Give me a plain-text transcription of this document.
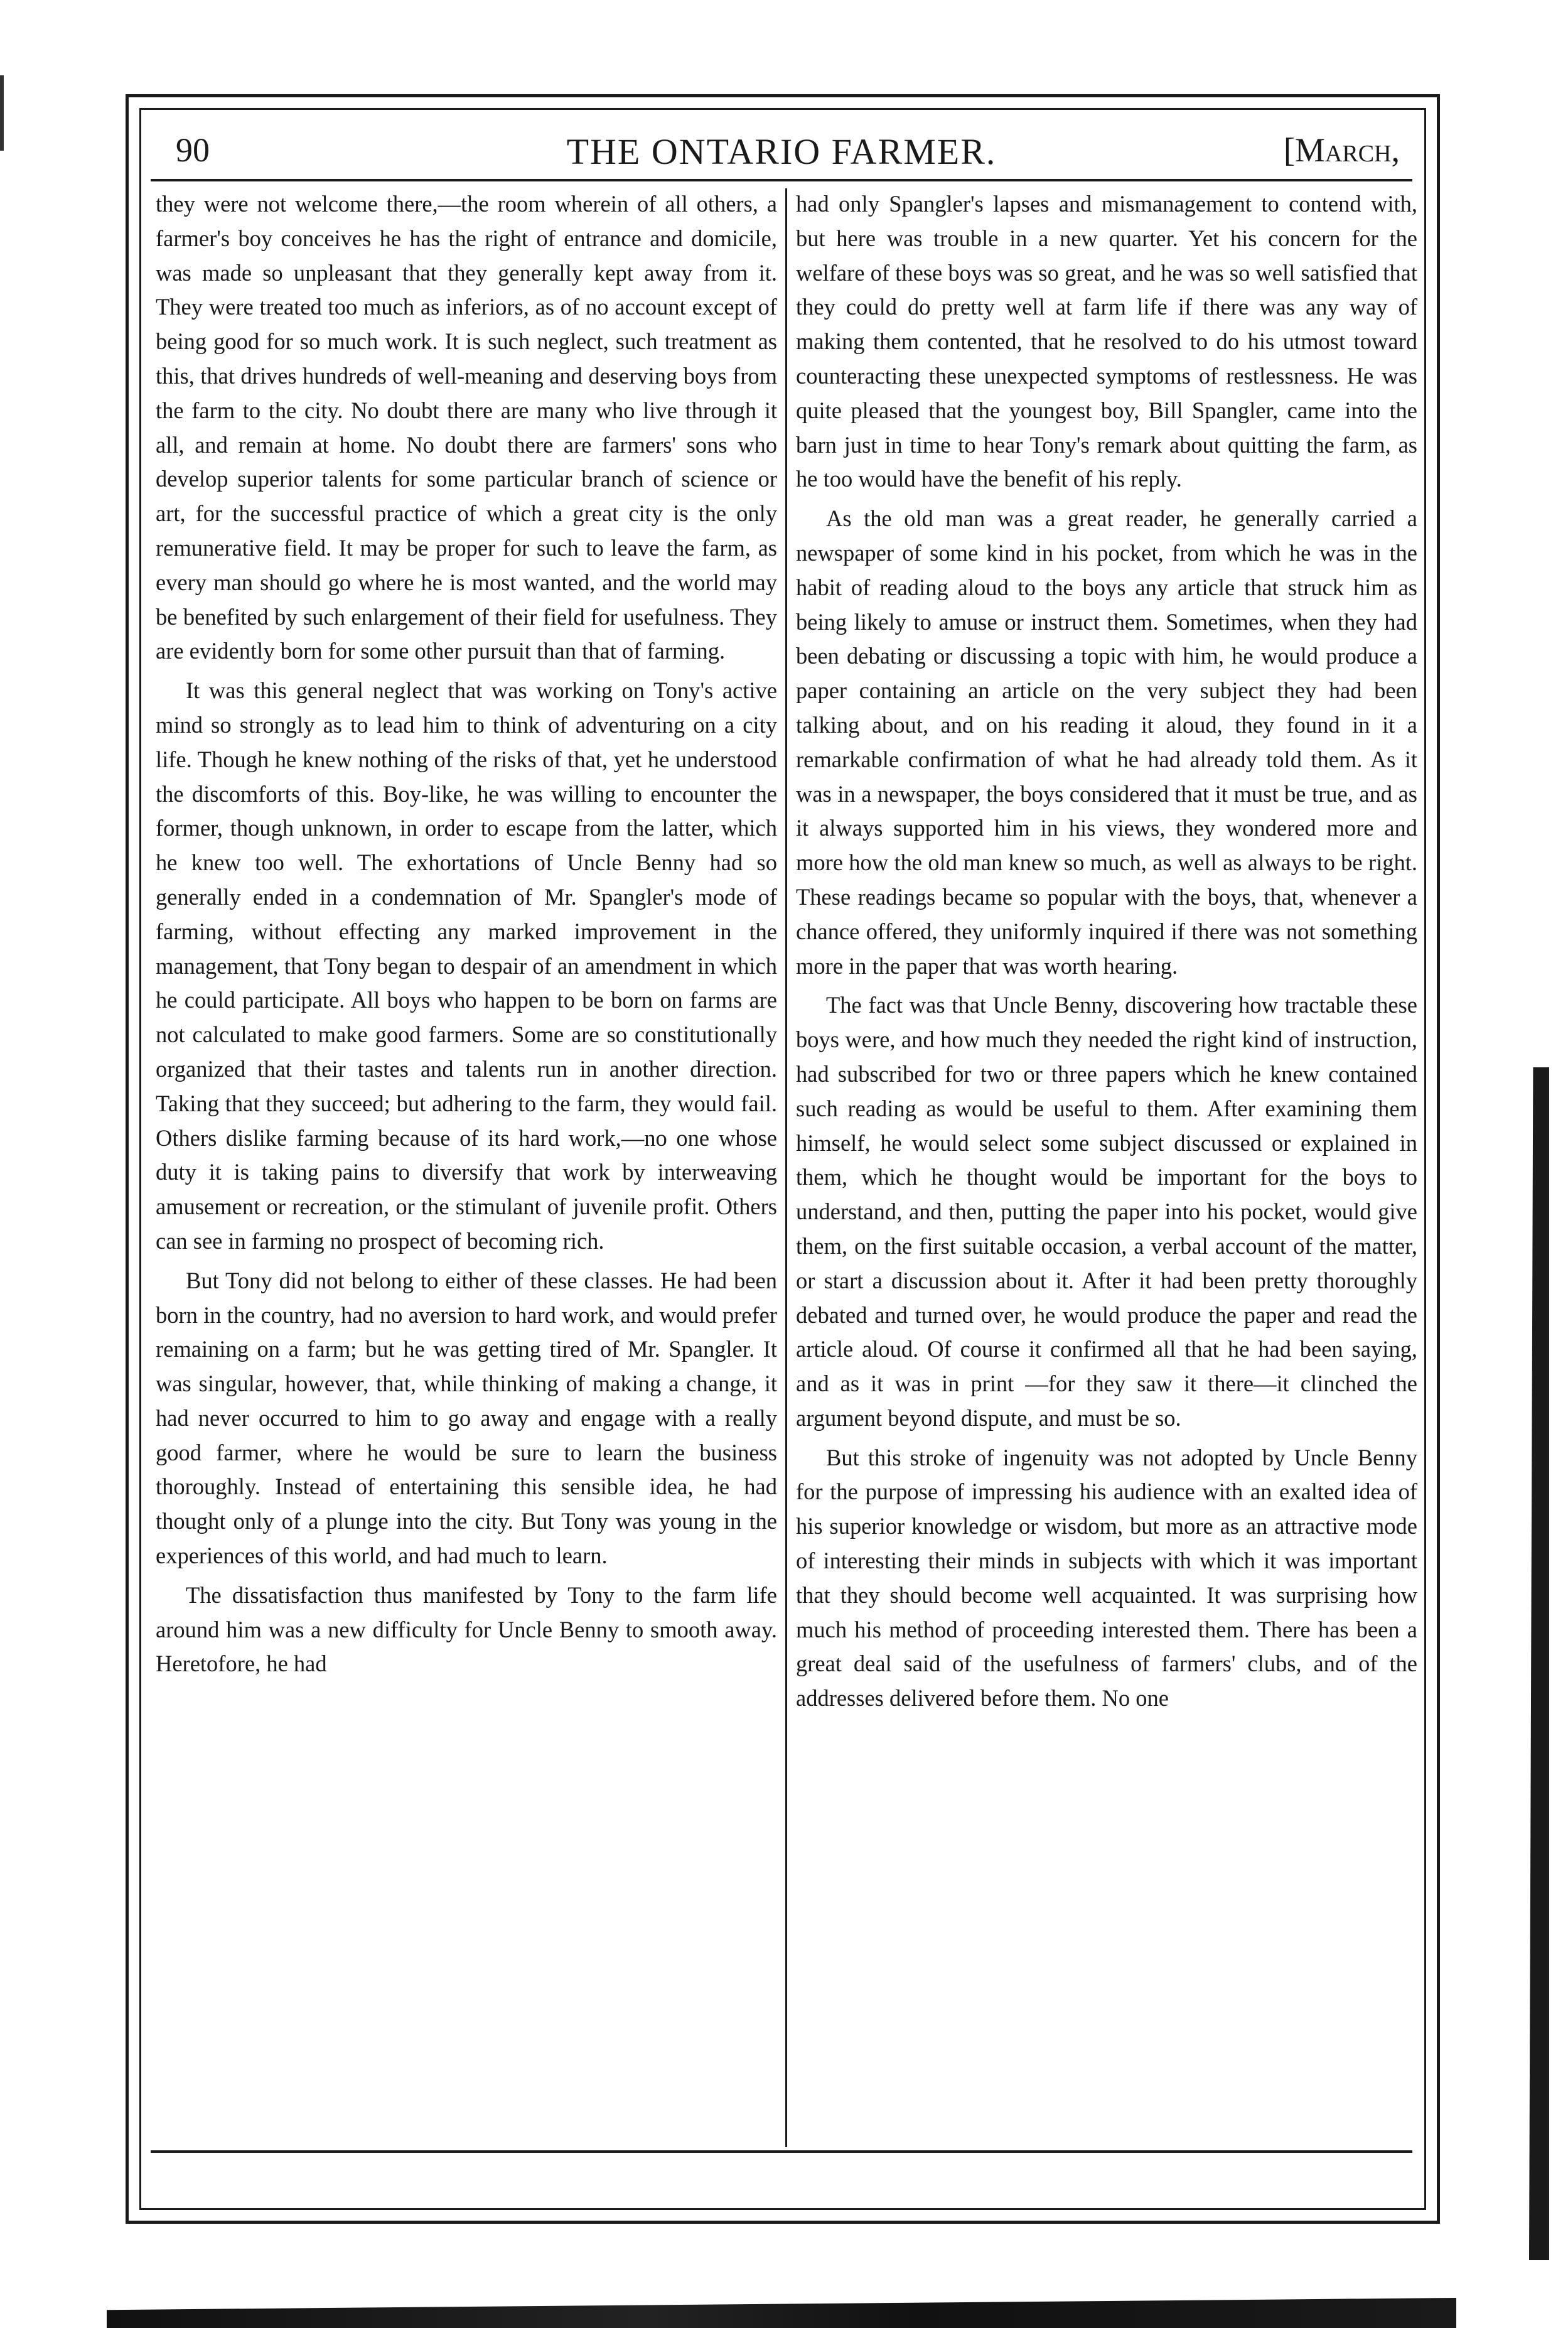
90	THE ONTARIO FARMER.	[March,

they were not welcome there,—the room wherein of all others, a farmer's boy conceives he has the right of entrance and domicile, was made so unpleasant that they generally kept away from it. They were treated too much as inferiors, as of no account except of being good for so much work. It is such neglect, such treatment as this, that drives hundreds of well-meaning and deserving boys from the farm to the city. No doubt there are many who live through it all, and remain at home. No doubt there are farmers' sons who develop superior talents for some particular branch of science or art, for the successful practice of which a great city is the only remunerative field. It may be proper for such to leave the farm, as every man should go where he is most wanted, and the world may be benefited by such enlargement of their field for usefulness. They are evidently born for some other pursuit than that of farming.

It was this general neglect that was working on Tony's active mind so strongly as to lead him to think of adventuring on a city life. Though he knew nothing of the risks of that, yet he understood the discomforts of this. Boy-like, he was willing to encounter the former, though unknown, in order to escape from the latter, which he knew too well. The exhortations of Uncle Benny had so generally ended in a condemnation of Mr. Spangler's mode of farming, without effecting any marked improvement in the management, that Tony began to despair of an amendment in which he could participate. All boys who happen to be born on farms are not calculated to make good farmers. Some are so constitutionally organized that their tastes and talents run in another direction. Taking that they succeed; but adhering to the farm, they would fail. Others dislike farming because of its hard work,—no one whose duty it is taking pains to diversify that work by interweaving amusement or recreation, or the stimulant of juvenile profit. Others can see in farming no prospect of becoming rich.

But Tony did not belong to either of these classes. He had been born in the country, had no aversion to hard work, and would prefer remaining on a farm; but he was getting tired of Mr. Spangler. It was singular, however, that, while thinking of making a change, it had never occurred to him to go away and engage with a really good farmer, where he would be sure to learn the business thoroughly. Instead of entertaining this sensible idea, he had thought only of a plunge into the city. But Tony was young in the experiences of this world, and had much to learn.

The dissatisfaction thus manifested by Tony to the farm life around him was a new difficulty for Uncle Benny to smooth away. Heretofore, he had

had only Spangler's lapses and mismanagement to contend with, but here was trouble in a new quarter. Yet his concern for the welfare of these boys was so great, and he was so well satisfied that they could do pretty well at farm life if there was any way of making them contented, that he resolved to do his utmost toward counteracting these unexpected symptoms of restlessness. He was quite pleased that the youngest boy, Bill Spangler, came into the barn just in time to hear Tony's remark about quitting the farm, as he too would have the benefit of his reply.

As the old man was a great reader, he generally carried a newspaper of some kind in his pocket, from which he was in the habit of reading aloud to the boys any article that struck him as being likely to amuse or instruct them. Sometimes, when they had been debating or discussing a topic with him, he would produce a paper containing an article on the very subject they had been talking about, and on his reading it aloud, they found in it a remarkable confirmation of what he had already told them. As it was in a newspaper, the boys considered that it must be true, and as it always supported him in his views, they wondered more and more how the old man knew so much, as well as always to be right. These readings became so popular with the boys, that, whenever a chance offered, they uniformly inquired if there was not something more in the paper that was worth hearing.

The fact was that Uncle Benny, discovering how tractable these boys were, and how much they needed the right kind of instruction, had subscribed for two or three papers which he knew contained such reading as would be useful to them. After examining them himself, he would select some subject discussed or explained in them, which he thought would be important for the boys to understand, and then, putting the paper into his pocket, would give them, on the first suitable occasion, a verbal account of the matter, or start a discussion about it. After it had been pretty thoroughly debated and turned over, he would produce the paper and read the article aloud. Of course it confirmed all that he had been saying, and as it was in print —for they saw it there—it clinched the argument beyond dispute, and must be so.

But this stroke of ingenuity was not adopted by Uncle Benny for the purpose of impressing his audience with an exalted idea of his superior knowledge or wisdom, but more as an attractive mode of interesting their minds in subjects with which it was important that they should become well acquainted. It was surprising how much his method of proceeding interested them. There has been a great deal said of the usefulness of farmers' clubs, and of the addresses delivered before them. No one
